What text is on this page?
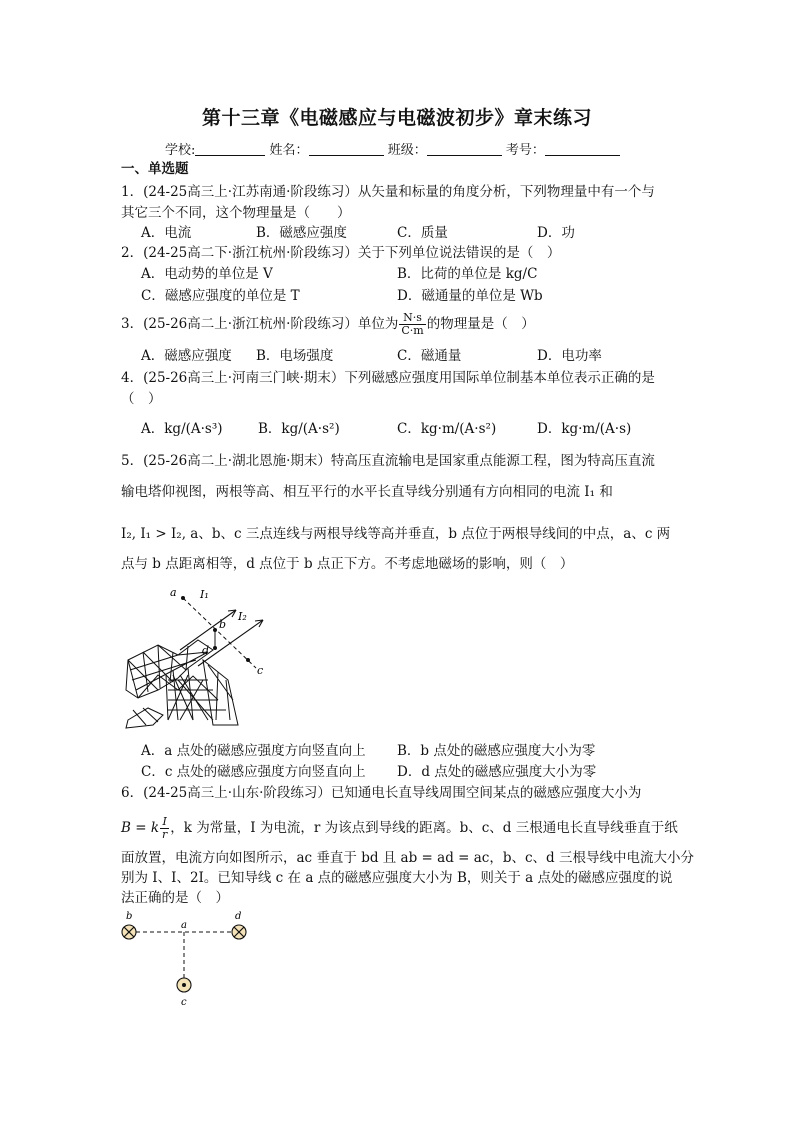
第十三章《电磁感应与电磁波初步》章末练习
学校:	姓名：	班级：	考号：
一、单选题
1．(24-25高三上·江苏南通·阶段练习）从矢量和标量的角度分析，下列物理量中有一个与
其它三个不同，这个物理量是（　　）
A．电流	B．磁感应强度	C．质量	D．功
2．(24-25高二下·浙江杭州·阶段练习）关于下列单位说法错误的是（　）
A．电动势的单位是 V	B．比荷的单位是 kg/C
C．磁感应强度的单位是 T	D．磁通量的单位是 Wb
3．(25-26高二上·浙江杭州·阶段练习）单位为 $\frac{N\cdot s}{C\cdot m}$ 的物理量是（　）
A．磁感应强度 B．电场强度	C．磁通量	D．电功率
4．(25-26高三上·河南三门峡·期末）下列磁感应强度用国际单位制基本单位表示正确的是
（　）
A．kg/(A·s³)	B．kg/(A·s²)	C．kg·m/(A·s²)	D．kg·m/(A·s)
5．(25-26高二上·湖北恩施·期末）特高压直流输电是国家重点能源工程，图为特高压直流
输电塔仰视图，两根等高、相互平行的水平长直导线分别通有方向相同的电流 I₁ 和
I₂, I₁ > I₂, a、b、c 三点连线与两根导线等高并垂直，b 点位于两根导线间的中点，a、c 两
点与 b 点距离相等，d 点位于 b 点正下方。不考虑地磁场的影响，则（　）
a
b
d
c
I₁
I₂
A．a 点处的磁感应强度方向竖直向上 B．b 点处的磁感应强度大小为零
C．c 点处的磁感应强度方向竖直向上 D．d 点处的磁感应强度大小为零
6．(24-25高三上·山东·阶段练习）已知通电长直导线周围空间某点的磁感应强度大小为
B = k $\frac{I}{r}$ ，k 为常量，I 为电流，r 为该点到导线的距离。b、c、d 三根通电长直导线垂直于纸
面放置，电流方向如图所示，ac 垂直于 bd 且 ab = ad = ac，b、c、d 三根导线中电流大小分
别为 I、I、2I。已知导线 c 在 a 点的磁感应强度大小为 B，则关于 a 点处的磁感应强度的说
法正确的是（　）
b
a
d
c
